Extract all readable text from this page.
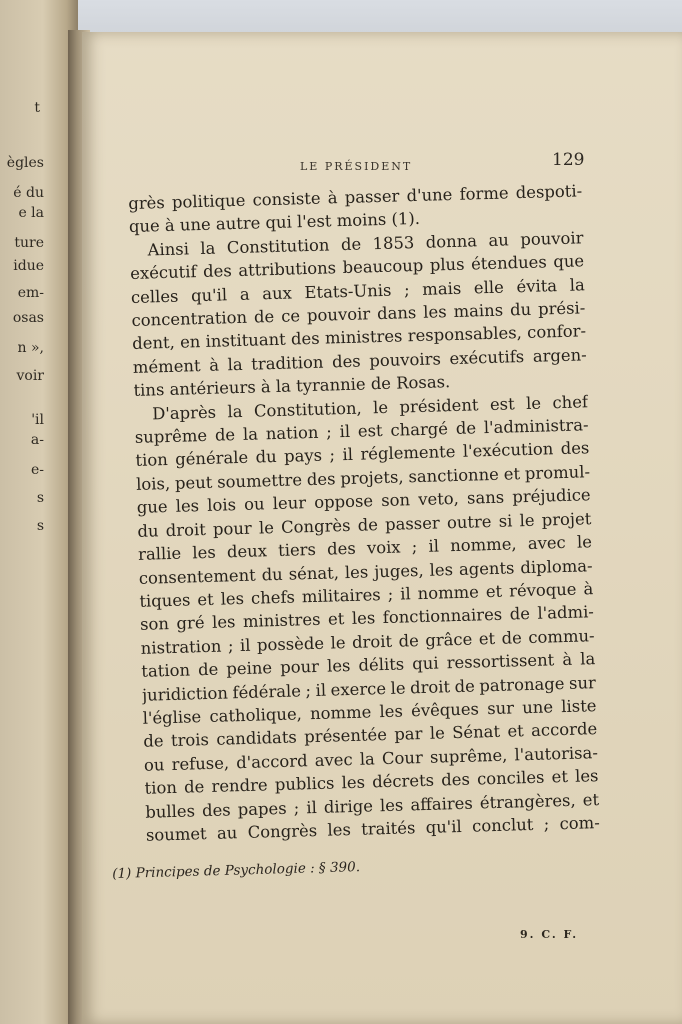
t
ègles
é du
e la
ture
idue
em-
osas
n »,
voir
'il
a-
e-
s
s
LE PRÉSIDENT	129
grès politique consiste à passer d'une forme despoti-
que à une autre qui l'est moins (1).
Ainsi la Constitution de 1853 donna au pouvoir
exécutif des attributions beaucoup plus étendues que
celles qu'il a aux Etats-Unis ; mais elle évita la
concentration de ce pouvoir dans les mains du prési-
dent, en instituant des ministres responsables, confor-
mément à la tradition des pouvoirs exécutifs argen-
tins antérieurs à la tyrannie de Rosas.
D'après la Constitution, le président est le chef
suprême de la nation ; il est chargé de l'administra-
tion générale du pays ; il réglemente l'exécution des
lois, peut soumettre des projets, sanctionne et promul-
gue les lois ou leur oppose son veto, sans préjudice
du droit pour le Congrès de passer outre si le projet
rallie les deux tiers des voix ; il nomme, avec le
consentement du sénat, les juges, les agents diploma-
tiques et les chefs militaires ; il nomme et révoque à
son gré les ministres et les fonctionnaires de l'admi-
nistration ; il possède le droit de grâce et de commu-
tation de peine pour les délits qui ressortissent à la
juridiction fédérale ; il exerce le droit de patronage sur
l'église catholique, nomme les évêques sur une liste
de trois candidats présentée par le Sénat et accorde
ou refuse, d'accord avec la Cour suprême, l'autorisa-
tion de rendre publics les décrets des conciles et les
bulles des papes ; il dirige les affaires étrangères, et
soumet au Congrès les traités qu'il conclut ; com-
(1) Principes de Psychologie : § 390.
9. C. F.
